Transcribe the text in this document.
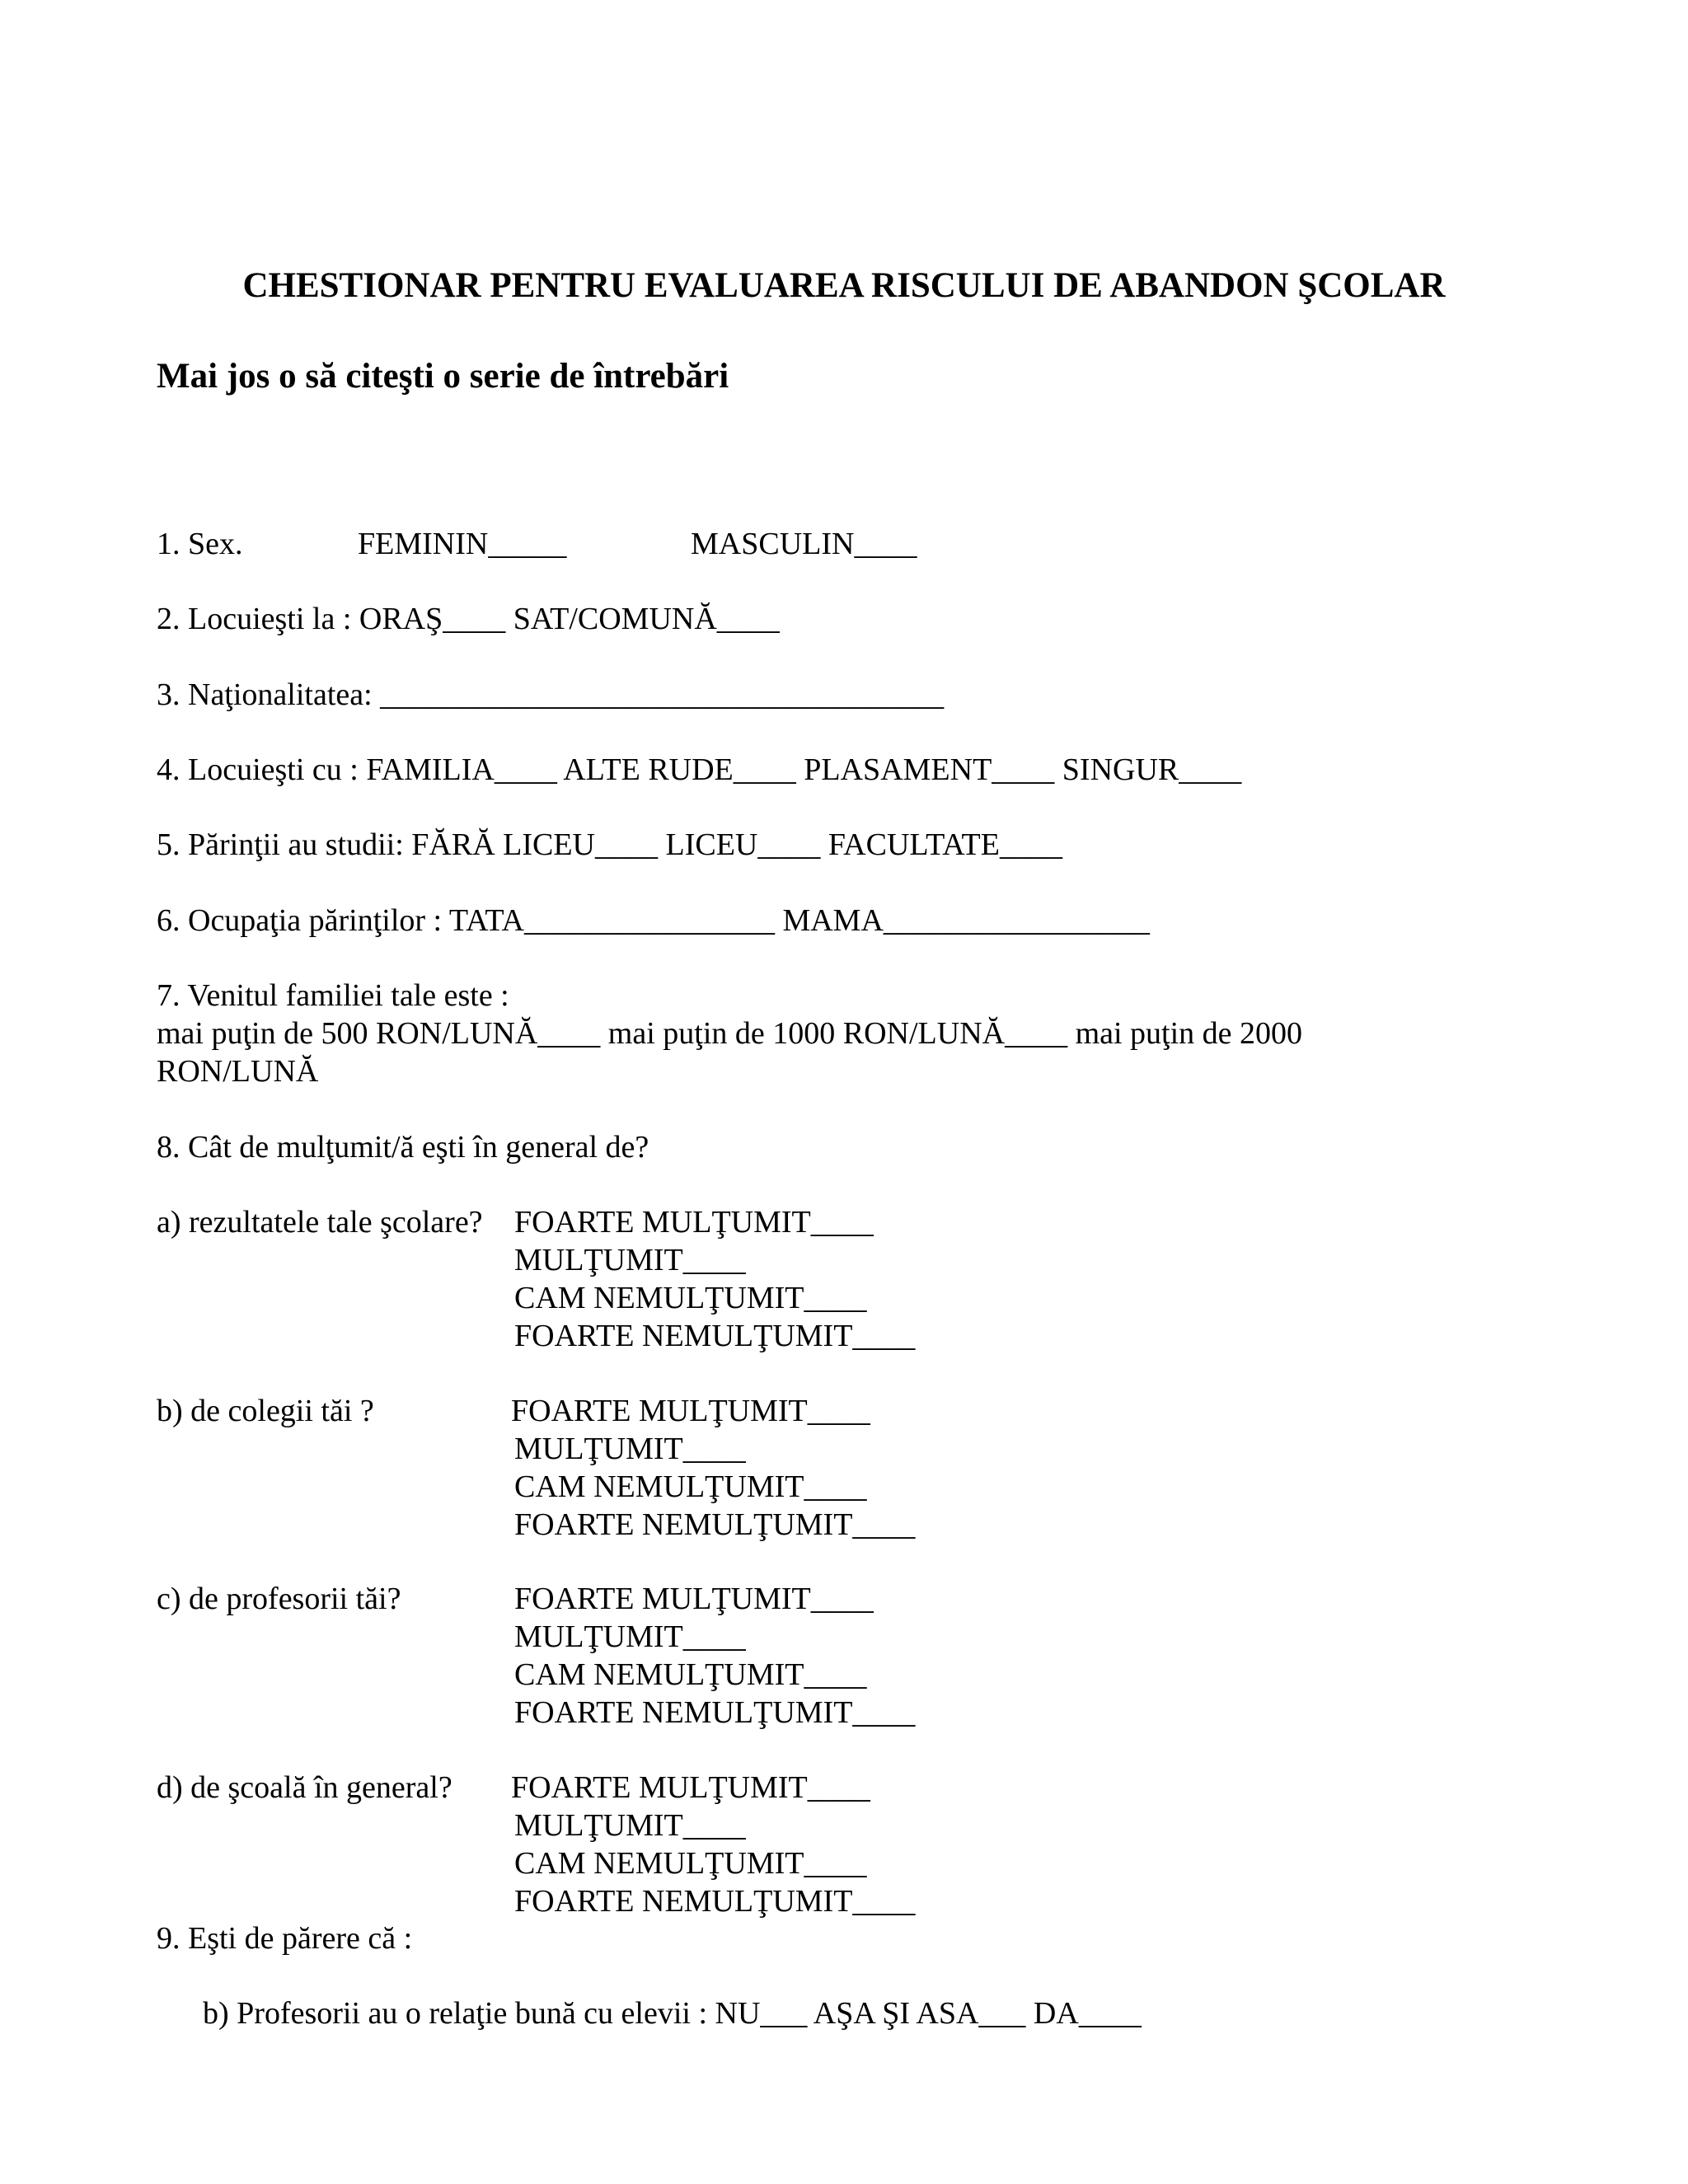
CHESTIONAR PENTRU EVALUAREA RISCULUI DE ABANDON ŞCOLAR
Mai jos o să citeşti o serie de întrebări
1. Sex.	FEMININ_____	MASCULIN____
2. Locuieşti la : ORAŞ____ SAT/COMUNĂ____
3. Naţionalitatea: ____________________________________
4. Locuieşti cu : FAMILIA____ ALTE RUDE____ PLASAMENT____ SINGUR____
5. Părinţii au studii: FĂRĂ LICEU____ LICEU____ FACULTATE____
6. Ocupaţia părinţilor : TATA________________ MAMA_________________
7. Venitul familiei tale este :
mai puţin de 500 RON/LUNĂ____ mai puţin de 1000 RON/LUNĂ____ mai puţin de 2000
RON/LUNĂ
8. Cât de mulţumit/ă eşti în general de?
a) rezultatele tale şcolare? FOARTE MULŢUMIT____
MULŢUMIT____
CAM NEMULŢUMIT____
FOARTE NEMULŢUMIT____
b) de colegii tăi ?	FOARTE MULŢUMIT____
MULŢUMIT____
CAM NEMULŢUMIT____
FOARTE NEMULŢUMIT____
c) de profesorii tăi?	FOARTE MULŢUMIT____
MULŢUMIT____
CAM NEMULŢUMIT____
FOARTE NEMULŢUMIT____
d) de şcoală în general? FOARTE MULŢUMIT____
MULŢUMIT____
CAM NEMULŢUMIT____
FOARTE NEMULŢUMIT____
9. Eşti de părere că :
b) Profesorii au o relaţie bună cu elevii : NU___ AŞA ŞI ASA___ DA____
